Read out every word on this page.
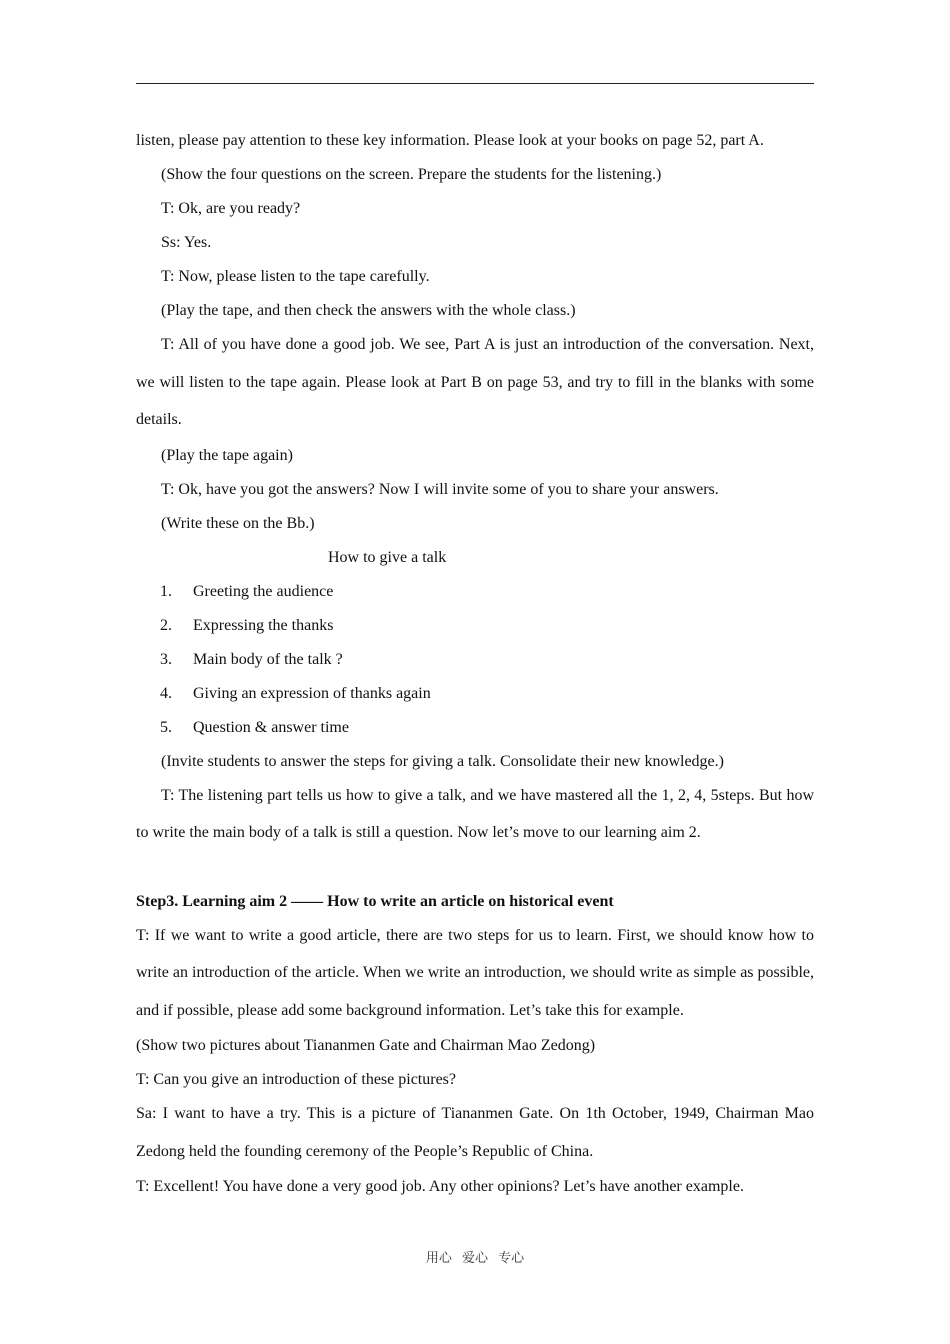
listen, please pay attention to these key information. Please look at your books on page 52, part A.
(Show the four questions on the screen. Prepare the students for the listening.)
T: Ok, are you ready?
Ss: Yes.
T: Now, please listen to the tape carefully.
(Play the tape, and then check the answers with the whole class.)
T: All of you have done a good job. We see, Part A is just an introduction of the conversation. Next, we will listen to the tape again. Please look at Part B on page 53, and try to fill in the blanks with some details.
(Play the tape again)
T: Ok, have you got the answers? Now I will invite some of you to share your answers.
(Write these on the Bb.)
How to give a talk
1. Greeting the audience
2. Expressing the thanks
3. Main body of the talk ?
4. Giving an expression of thanks again
5. Question & answer time
(Invite students to answer the steps for giving a talk. Consolidate their new knowledge.)
T: The listening part tells us how to give a talk, and we have mastered all the 1, 2, 4, 5steps. But how to write the main body of a talk is still a question. Now let’s move to our learning aim 2.
Step3. Learning aim 2 —— How to write an article on historical event
T: If we want to write a good article, there are two steps for us to learn. First, we should know how to write an introduction of the article. When we write an introduction, we should write as simple as possible, and if possible, please add some background information. Let’s take this for example.
(Show two pictures about Tiananmen Gate and Chairman Mao Zedong)
T: Can you give an introduction of these pictures?
Sa: I want to have a try. This is a picture of Tiananmen Gate. On 1th October, 1949, Chairman Mao Zedong held the founding ceremony of the People’s Republic of China.
T: Excellent! You have done a very good job. Any other opinions? Let’s have another example.
用心 爱心 专心
